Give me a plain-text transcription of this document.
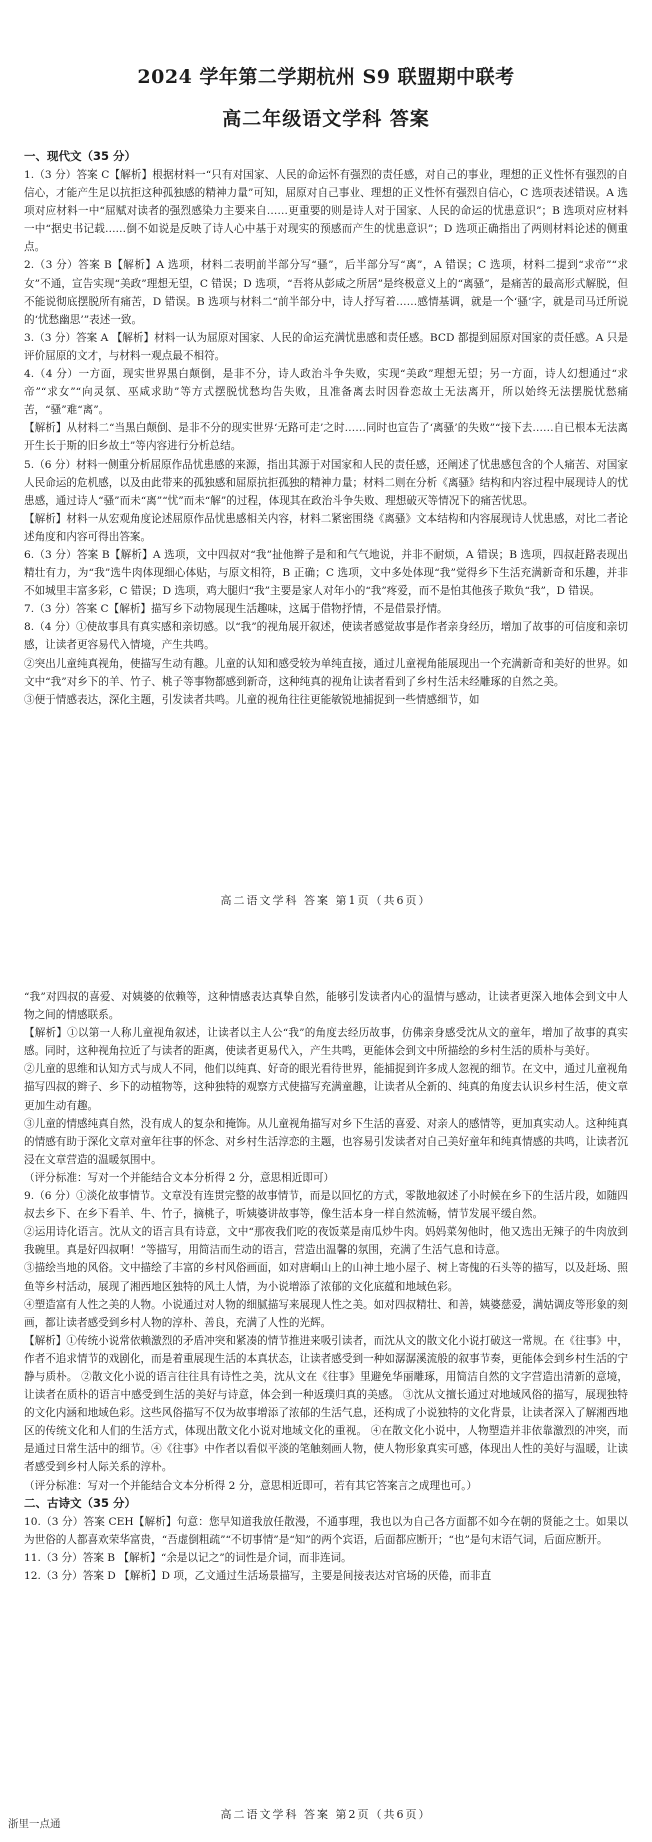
2024 学年第二学期杭州 S9 联盟期中联考
高二年级语文学科 答案

一、现代文（35 分）

1.（3 分）答案 C【解析】根据材料一“只有对国家、人民的命运怀有强烈的责任感，对自己的事业，理想的正义性怀有强烈的自信心，才能产生足以抗拒这种孤独感的精神力量”可知，屈原对自己事业、理想的正义性怀有强烈自信心，C 选项表述错误。A 选项对应材料一中“屈赋对读者的强烈感染力主要来自……更重要的则是诗人对于国家、人民的命运的忧患意识”；B 选项对应材料一中“据史书记载……倒不如说是反映了诗人心中基于对现实的预感而产生的忧患意识”；D 选项正确指出了两则材料论述的侧重点。

2.（3 分）答案 B【解析】A 选项，材料二表明前半部分写“骚”，后半部分写“离”，A 错误；C 选项，材料二提到“求帝”“求女”不通，宣告实现“美政”理想无望，C 错误；D 选项，“吾将从彭咸之所居”是终极意义上的“离骚”，是痛苦的最高形式解脱，但不能说彻底摆脱所有痛苦，D 错误。B 选项与材料二“前半部分中，诗人抒写着……感情基调，就是一个‘骚’字，就是司马迁所说的‘忧愁幽思’”表述一致。

3.（3 分）答案 A 【解析】材料一认为屈原对国家、人民的命运充满忧患感和责任感。BCD 都提到屈原对国家的责任感。A 只是评价屈原的文才，与材料一观点最不相符。

4.（4 分）一方面，现实世界黑白颠倒，是非不分，诗人政治斗争失败，实现“美政”理想无望；另一方面，诗人幻想通过“求帝”“求女”“向灵氛、巫咸求助”等方式摆脱忧愁均告失败，且准备离去时因眷恋故土无法离开，所以始终无法摆脱忧愁痛苦，“骚”难“离”。

【解析】从材料二“当黑白颠倒、是非不分的现实世界‘无路可走’之时……同时也宣告了‘离骚’的失败”“接下去……自已根本无法离开生长于斯的旧乡故土”等内容进行分析总结。

5.（6 分）材料一侧重分析屈原作品忧患感的来源，指出其源于对国家和人民的责任感，还阐述了忧患感包含的个人痛苦、对国家人民命运的危机感，以及由此带来的孤独感和屈原抗拒孤独的精神力量；材料二则在分析《离骚》结构和内容过程中展现诗人的忧患感，通过诗人“骚”而未“离”“忧”而未“解”的过程，体现其在政治斗争失败、理想破灭等情况下的痛苦忧思。

【解析】材料一从宏观角度论述屈原作品忧患感相关内容，材料二紧密围绕《离骚》文本结构和内容展现诗人忧患感，对比二者论述角度和内容可得出答案。

6.（3 分）答案 B【解析】A 选项，文中四叔对“我”扯他辫子是和和气气地说，并非不耐烦，A 错误；B 选项，四叔赶路表现出精壮有力，为“我”选牛肉体现细心体贴，与原文相符，B 正确；C 选项，文中多处体现“我”觉得乡下生活充满新奇和乐趣，并非不如城里丰富多彩，C 错误；D 选项，鸡大腿归“我”主要是家人对年小的“我”疼爱，而不是怕其他孩子欺负“我”，D 错误。

7.（3 分）答案 C【解析】描写乡下动物展现生活趣味，这属于借物抒情，不是借景抒情。

8.（4 分）①使故事具有真实感和亲切感。以“我”的视角展开叙述，使读者感觉故事是作者亲身经历，增加了故事的可信度和亲切感，让读者更容易代入情境，产生共鸣。

②突出儿童纯真视角，使描写生动有趣。儿童的认知和感受较为单纯直接，通过儿童视角能展现出一个充满新奇和美好的世界。如文中“我”对乡下的羊、竹子、桃子等事物都感到新奇，这种纯真的视角让读者看到了乡村生活未经雕琢的自然之美。

③便于情感表达，深化主题，引发读者共鸣。儿童的视角往往更能敏锐地捕捉到一些情感细节，如

高二语文学科 答案 第1页（共6页）

“我”对四叔的喜爱、对姨婆的依赖等，这种情感表达真挚自然，能够引发读者内心的温情与感动，让读者更深入地体会到文中人物之间的情感联系。

【解析】①以第一人称儿童视角叙述，让读者以主人公“我”的角度去经历故事，仿佛亲身感受沈从文的童年，增加了故事的真实感。同时，这种视角拉近了与读者的距离，使读者更易代入，产生共鸣，更能体会到文中所描绘的乡村生活的质朴与美好。

②儿童的思维和认知方式与成人不同，他们以纯真、好奇的眼光看待世界，能捕捉到许多成人忽视的细节。在文中，通过儿童视角描写四叔的辫子、乡下的动植物等，这种独特的观察方式使描写充满童趣，让读者从全新的、纯真的角度去认识乡村生活，使文章更加生动有趣。

③儿童的情感纯真自然，没有成人的复杂和掩饰。从儿童视角描写对乡下生活的喜爱、对亲人的感情等，更加真实动人。这种纯真的情感有助于深化文章对童年往事的怀念、对乡村生活淳恋的主题，也容易引发读者对自己美好童年和纯真情感的共鸣，让读者沉浸在文章营造的温暖氛围中。

（评分标准：写对一个并能结合文本分析得 2 分，意思相近即可）

9.（6 分）①淡化故事情节。文章没有连贯完整的故事情节，而是以回忆的方式，零散地叙述了小时候在乡下的生活片段，如随四叔去乡下、在乡下看羊、牛、竹子，摘桃子，听姨婆讲故事等，像生活本身一样自然流畅，情节发展平缓自然。

②运用诗化语言。沈从文的语言具有诗意，文中“那夜我们吃的夜饭菜是南瓜炒牛肉。妈妈菜匆他时，他又选出无辣子的牛肉放到我碗里。真是好四叔啊！”等描写，用简洁而生动的语言，营造出温馨的氛围，充满了生活气息和诗意。

③描绘当地的风俗。文中描绘了丰富的乡村风俗画面，如对唐峒山上的山神土地小屋子、树上寄傀的石头等的描写，以及赶场、照鱼等乡村活动，展现了湘西地区独特的风土人情，为小说增添了浓郁的文化底蕴和地域色彩。

④塑造富有人性之美的人物。小说通过对人物的细腻描写来展现人性之美。如对四叔精壮、和善，姨婆慈爱，满姑调皮等形象的刻画，都让读者感受到乡村人物的淳朴、善良，充满了人性的光辉。

【解析】①传统小说常依赖激烈的矛盾冲突和紧凑的情节推进来吸引读者，而沈从文的散文化小说打破这一常规。在《往事》中，作者不追求情节的戏剧化，而是着重展现生活的本真状态，让读者感受到一种如潺潺溪流般的叙事节奏，更能体会到乡村生活的宁静与质朴。 ②散文化小说的语言往往具有诗性之美，沈从文在《往事》里避免华丽雕琢，用简洁自然的文字营造出清新的意境，让读者在质朴的语言中感受到生活的美好与诗意，体会到一种返璞归真的美感。 ③沈从文擅长通过对地域风俗的描写，展现独特的文化内涵和地域色彩。这些风俗描写不仅为故事增添了浓郁的生活气息，还构成了小说独特的文化背景，让读者深入了解湘西地区的传统文化和人们的生活方式，体现出散文化小说对地域文化的重视。 ④在散文化小说中，人物塑造并非依靠激烈的冲突，而是通过日常生活中的细节。④《往事》中作者以看似平淡的笔触刻画人物，使人物形象真实可感，体现出人性的美好与温暖，让读者感受到乡村人际关系的淳朴。

（评分标准：写对一个并能结合文本分析得 2 分，意思相近即可，若有其它答案言之成理也可。）

二、古诗文（35 分）

10.（3 分）答案 CEH【解析】句意：您早知道我放任散漫，不通事理，我也以为自己各方面都不如今在朝的贤能之士。如果以为世俗的人都喜欢荣华富贵，“吾虚倒粗疏”“不切事情”是“知”的两个宾语，后面都应断开；“也”是句末语气词，后面应断开。

11.（3 分）答案 B 【解析】“余是以记之”的词性是介词，而非连词。

12.（3 分）答案 D 【解析】D 项，乙文通过生活场景描写，主要是间接表达对官场的厌倦，而非直

高二语文学科 答案 第2页（共6页）
浙里一点通
